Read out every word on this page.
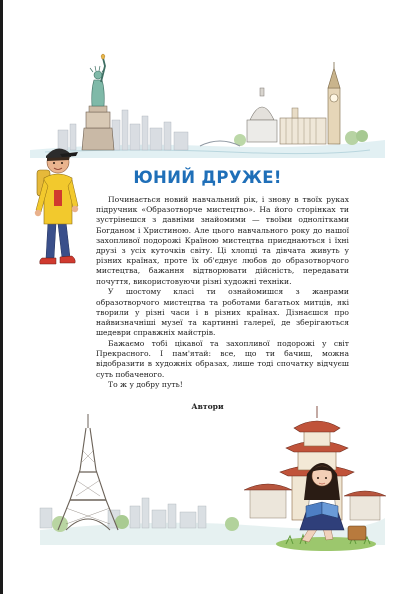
ЮНИЙ ДРУЖЕ!

Починається новий навчальний рік, і знову в твоїх руках підручник «Образотворче мистецтво». На його сторінках ти зустрінешся з давніми знайомими — твоїми однолітками Богданом і Христиною. Але цього навчального року до нашої захопливої подорожі Країною мистецтва приєднаються і їхні друзі з усіх куточків світу. Ці хлопці та дівчата живуть у різних країнах, проте їх об'єднує любов до образотворчого мистецтва, бажання відтворювати дійсність, передавати почуття, використовуючи різні художні техніки.

У шостому класі ти ознайомишся з жанрами образотворчого мистецтва та роботами багатьох митців, які творили у різні часи і в різних країнах. Дізнаєшся про найвизначніші музеї та картинні галереї, де зберігаються шедеври справжніх майстрів.

Бажаємо тобі цікавої та захопливої подорожі у світ Прекрасного. І пам'ятай: все, що ти бачиш, можна відобразити в художніх образах, лише тоді спочатку відчуєш суть побаченого.

То ж у добру путь!

Автори
